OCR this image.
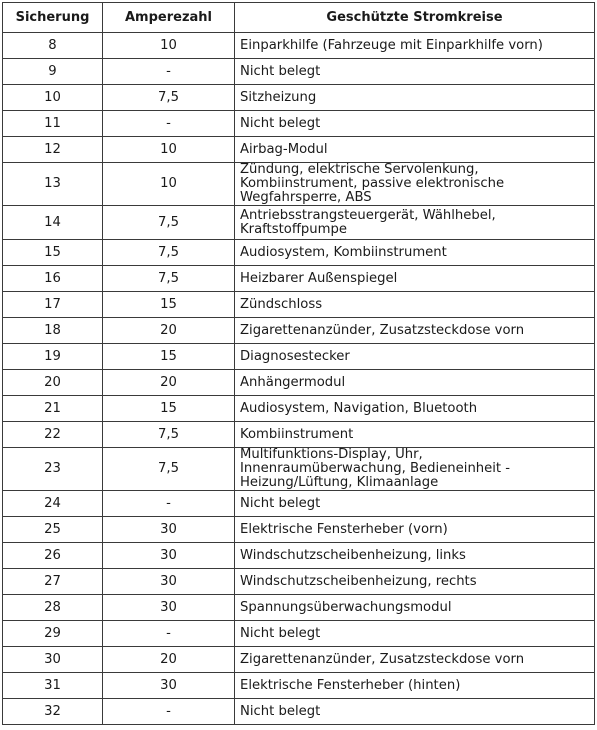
Sicherung	Amperezahl	Geschützte Stromkreise
8	10	Einparkhilfe (Fahrzeuge mit Einparkhilfe vorn)
9	-	Nicht belegt
10	7,5	Sitzheizung
11	-	Nicht belegt
12	10	Airbag-Modul
13	10	Zündung, elektrische Servolenkung, Kombiinstrument, passive elektronische Wegfahrsperre, ABS
14	7,5	Antriebsstrangsteuergerät, Wählhebel, Kraftstoffpumpe
15	7,5	Audiosystem, Kombiinstrument
16	7,5	Heizbarer Außenspiegel
17	15	Zündschloss
18	20	Zigarettenanzünder, Zusatzsteckdose vorn
19	15	Diagnosestecker
20	20	Anhängermodul
21	15	Audiosystem, Navigation, Bluetooth
22	7,5	Kombiinstrument
23	7,5	Multifunktions-Display, Uhr, Innenraumüberwachung, Bedieneinheit - Heizung/Lüftung, Klimaanlage
24	-	Nicht belegt
25	30	Elektrische Fensterheber (vorn)
26	30	Windschutzscheibenheizung, links
27	30	Windschutzscheibenheizung, rechts
28	30	Spannungsüberwachungsmodul
29	-	Nicht belegt
30	20	Zigarettenanzünder, Zusatzsteckdose vorn
31	30	Elektrische Fensterheber (hinten)
32	-	Nicht belegt
